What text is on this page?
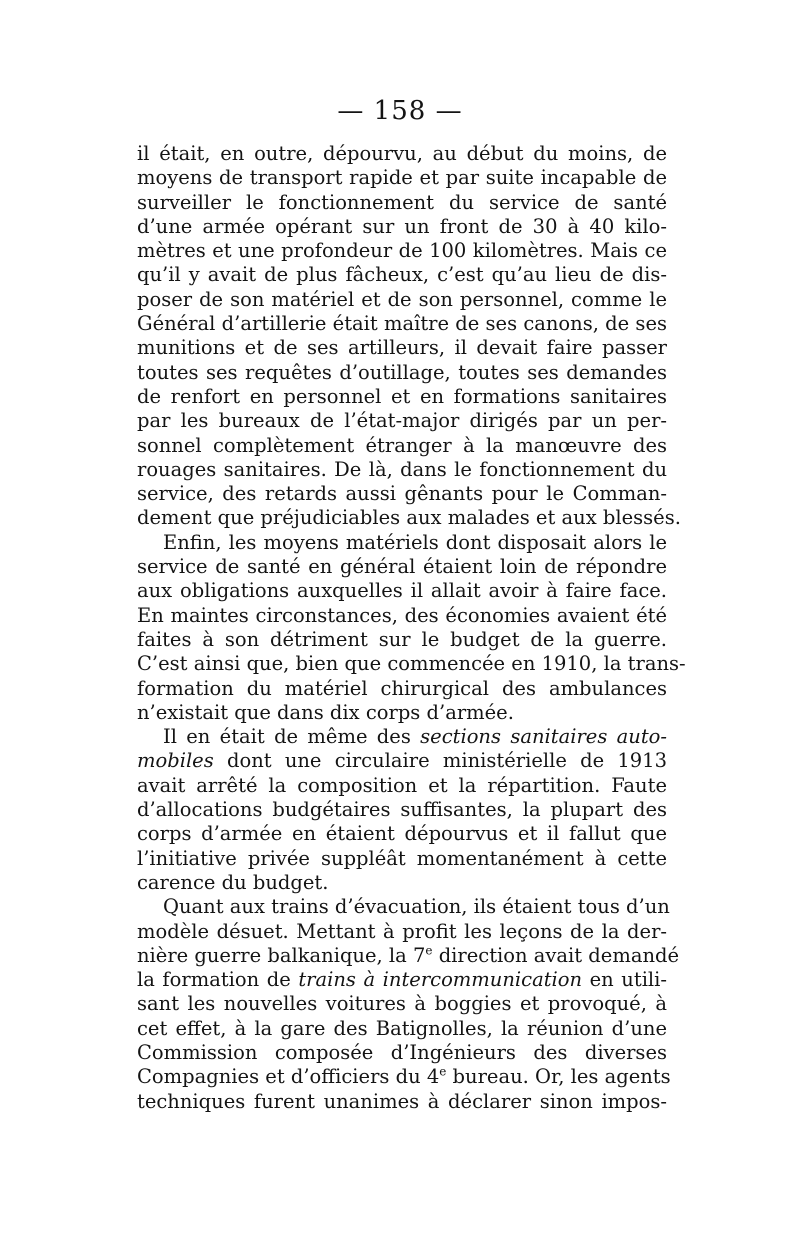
— 158 —
il était, en outre, dépourvu, au début du moins, de
moyens de transport rapide et par suite incapable de
surveiller le fonctionnement du service de santé
d’une armée opérant sur un front de 30 à 40 kilo-
mètres et une profondeur de 100 kilomètres. Mais ce
qu’il y avait de plus fâcheux, c’est qu’au lieu de dis-
poser de son matériel et de son personnel, comme le
Général d’artillerie était maître de ses canons, de ses
munitions et de ses artilleurs, il devait faire passer
toutes ses requêtes d’outillage, toutes ses demandes
de renfort en personnel et en formations sanitaires
par les bureaux de l’état-major dirigés par un per-
sonnel complètement étranger à la manœuvre des
rouages sanitaires. De là, dans le fonctionnement du
service, des retards aussi gênants pour le Comman-
dement que préjudiciables aux malades et aux blessés.
Enfin, les moyens matériels dont disposait alors le
service de santé en général étaient loin de répondre
aux obligations auxquelles il allait avoir à faire face.
En maintes circonstances, des économies avaient été
faites à son détriment sur le budget de la guerre.
C’est ainsi que, bien que commencée en 1910, la trans-
formation du matériel chirurgical des ambulances
n’existait que dans dix corps d’armée.
Il en était de même des sections sanitaires auto-
mobiles dont une circulaire ministérielle de 1913
avait arrêté la composition et la répartition. Faute
d’allocations budgétaires suffisantes, la plupart des
corps d’armée en étaient dépourvus et il fallut que
l’initiative privée suppléât momentanément à cette
carence du budget.
Quant aux trains d’évacuation, ils étaient tous d’un
modèle désuet. Mettant à profit les leçons de la der-
nière guerre balkanique, la 7e direction avait demandé
la formation de trains à intercommunication en utili-
sant les nouvelles voitures à boggies et provoqué, à
cet effet, à la gare des Batignolles, la réunion d’une
Commission composée d’Ingénieurs des diverses
Compagnies et d’officiers du 4e bureau. Or, les agents
techniques furent unanimes à déclarer sinon impos-
